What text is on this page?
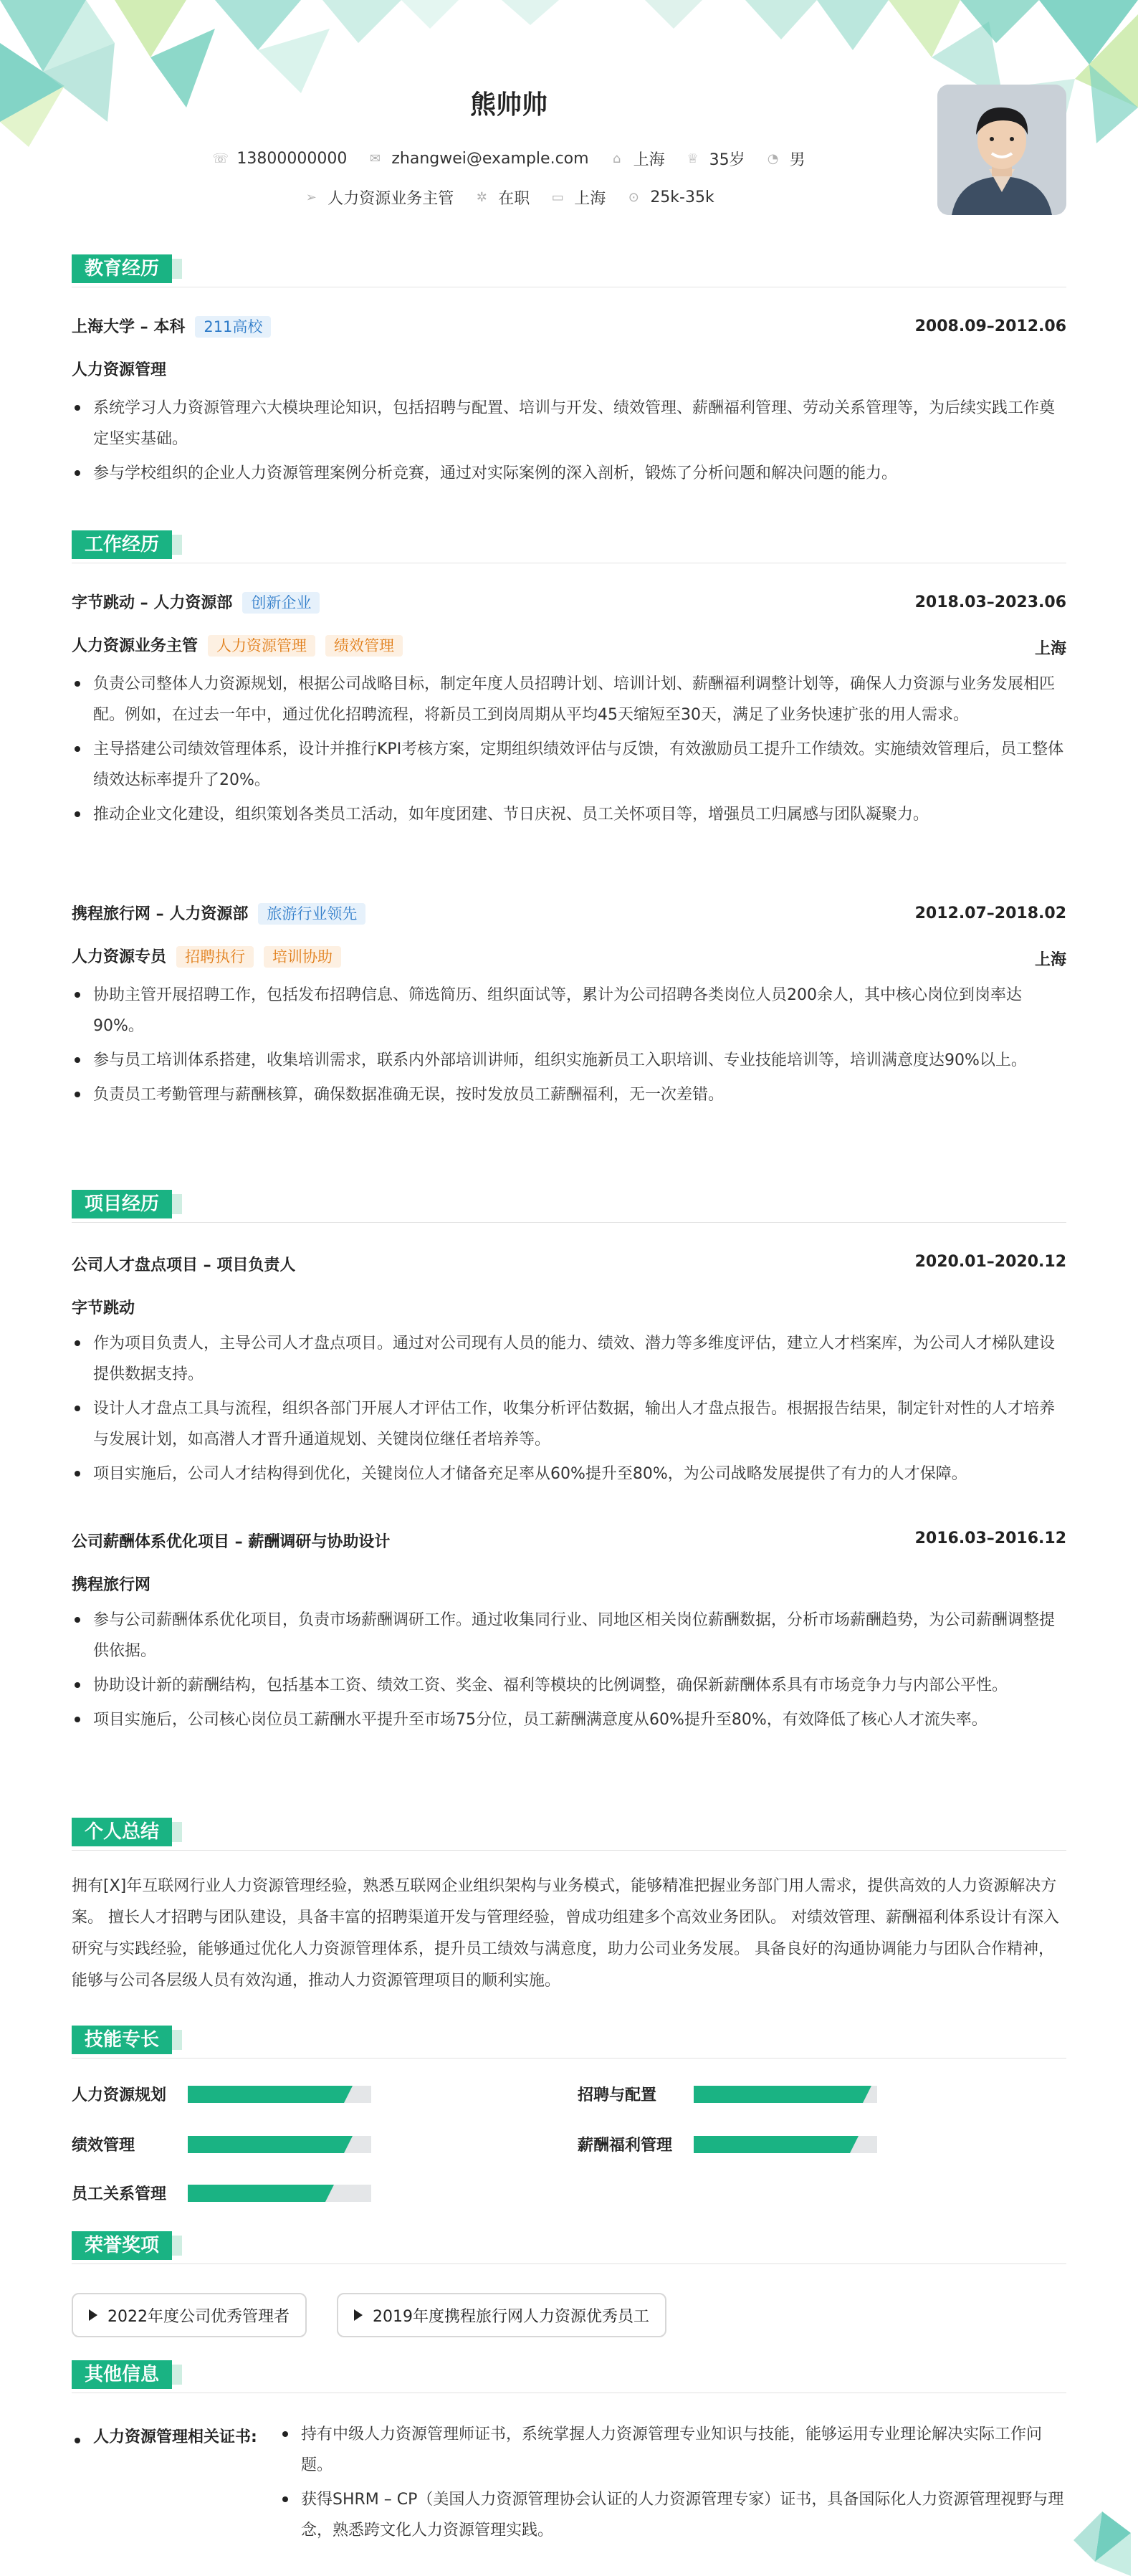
熊帅帅
☏ 13800000000 ✉ zhangwei@example.com ⌂ 上海 ♕ 35岁 ◔ 男
➢ 人力资源业务主管 ✲ 在职 ▭ 上海 ⊙ 25k-35k
教育经历
上海大学 – 本科 211高校	2008.09–2012.06
人力资源管理
系统学习人力资源管理六大模块理论知识，包括招聘与配置、培训与开发、绩效管理、薪酬福利管理、劳动关系管理等，为后续实践工作奠定坚实基础。
参与学校组织的企业人力资源管理案例分析竞赛，通过对实际案例的深入剖析，锻炼了分析问题和解决问题的能力。
工作经历
字节跳动 – 人力资源部 创新企业	2018.03–2023.06
人力资源业务主管 人力资源管理 绩效管理	上海
负责公司整体人力资源规划，根据公司战略目标，制定年度人员招聘计划、培训计划、薪酬福利调整计划等，确保人力资源与业务发展相匹配。例如，在过去一年中，通过优化招聘流程，将新员工到岗周期从平均45天缩短至30天，满足了业务快速扩张的用人需求。
主导搭建公司绩效管理体系，设计并推行KPI考核方案，定期组织绩效评估与反馈，有效激励员工提升工作绩效。实施绩效管理后，员工整体绩效达标率提升了20%。
推动企业文化建设，组织策划各类员工活动，如年度团建、节日庆祝、员工关怀项目等，增强员工归属感与团队凝聚力。
携程旅行网 – 人力资源部 旅游行业领先	2012.07–2018.02
人力资源专员 招聘执行 培训协助	上海
协助主管开展招聘工作，包括发布招聘信息、筛选简历、组织面试等，累计为公司招聘各类岗位人员200余人，其中核心岗位到岗率达90%。
参与员工培训体系搭建，收集培训需求，联系内外部培训讲师，组织实施新员工入职培训、专业技能培训等，培训满意度达90%以上。
负责员工考勤管理与薪酬核算，确保数据准确无误，按时发放员工薪酬福利，无一次差错。
项目经历
公司人才盘点项目 – 项目负责人	2020.01–2020.12
字节跳动
作为项目负责人，主导公司人才盘点项目。通过对公司现有人员的能力、绩效、潜力等多维度评估，建立人才档案库，为公司人才梯队建设提供数据支持。
设计人才盘点工具与流程，组织各部门开展人才评估工作，收集分析评估数据，输出人才盘点报告。根据报告结果，制定针对性的人才培养与发展计划，如高潜人才晋升通道规划、关键岗位继任者培养等。
项目实施后，公司人才结构得到优化，关键岗位人才储备充足率从60%提升至80%，为公司战略发展提供了有力的人才保障。
公司薪酬体系优化项目 – 薪酬调研与协助设计	2016.03–2016.12
携程旅行网
参与公司薪酬体系优化项目，负责市场薪酬调研工作。通过收集同行业、同地区相关岗位薪酬数据，分析市场薪酬趋势，为公司薪酬调整提供依据。
协助设计新的薪酬结构，包括基本工资、绩效工资、奖金、福利等模块的比例调整，确保新薪酬体系具有市场竞争力与内部公平性。
项目实施后，公司核心岗位员工薪酬水平提升至市场75分位，员工薪酬满意度从60%提升至80%，有效降低了核心人才流失率。
个人总结
拥有[X]年互联网行业人力资源管理经验，熟悉互联网企业组织架构与业务模式，能够精准把握业务部门用人需求，提供高效的人力资源解决方案。 擅长人才招聘与团队建设，具备丰富的招聘渠道开发与管理经验，曾成功组建多个高效业务团队。 对绩效管理、薪酬福利体系设计有深入研究与实践经验，能够通过优化人力资源管理体系，提升员工绩效与满意度，助力公司业务发展。 具备良好的沟通协调能力与团队合作精神，能够与公司各层级人员有效沟通，推动人力资源管理项目的顺利实施。
技能专长
人力资源规划	招聘与配置
绩效管理	薪酬福利管理
员工关系管理
荣誉奖项
2022年度公司优秀管理者	2019年度携程旅行网人力资源优秀员工
其他信息
人力资源管理相关证书:	持有中级人力资源管理师证书，系统掌握人力资源管理专业知识与技能，能够运用专业理论解决实际工作问题。
获得SHRM – CP（美国人力资源管理协会认证的人力资源管理专家）证书，具备国际化人力资源管理视野与理念，熟悉跨文化人力资源管理实践。
